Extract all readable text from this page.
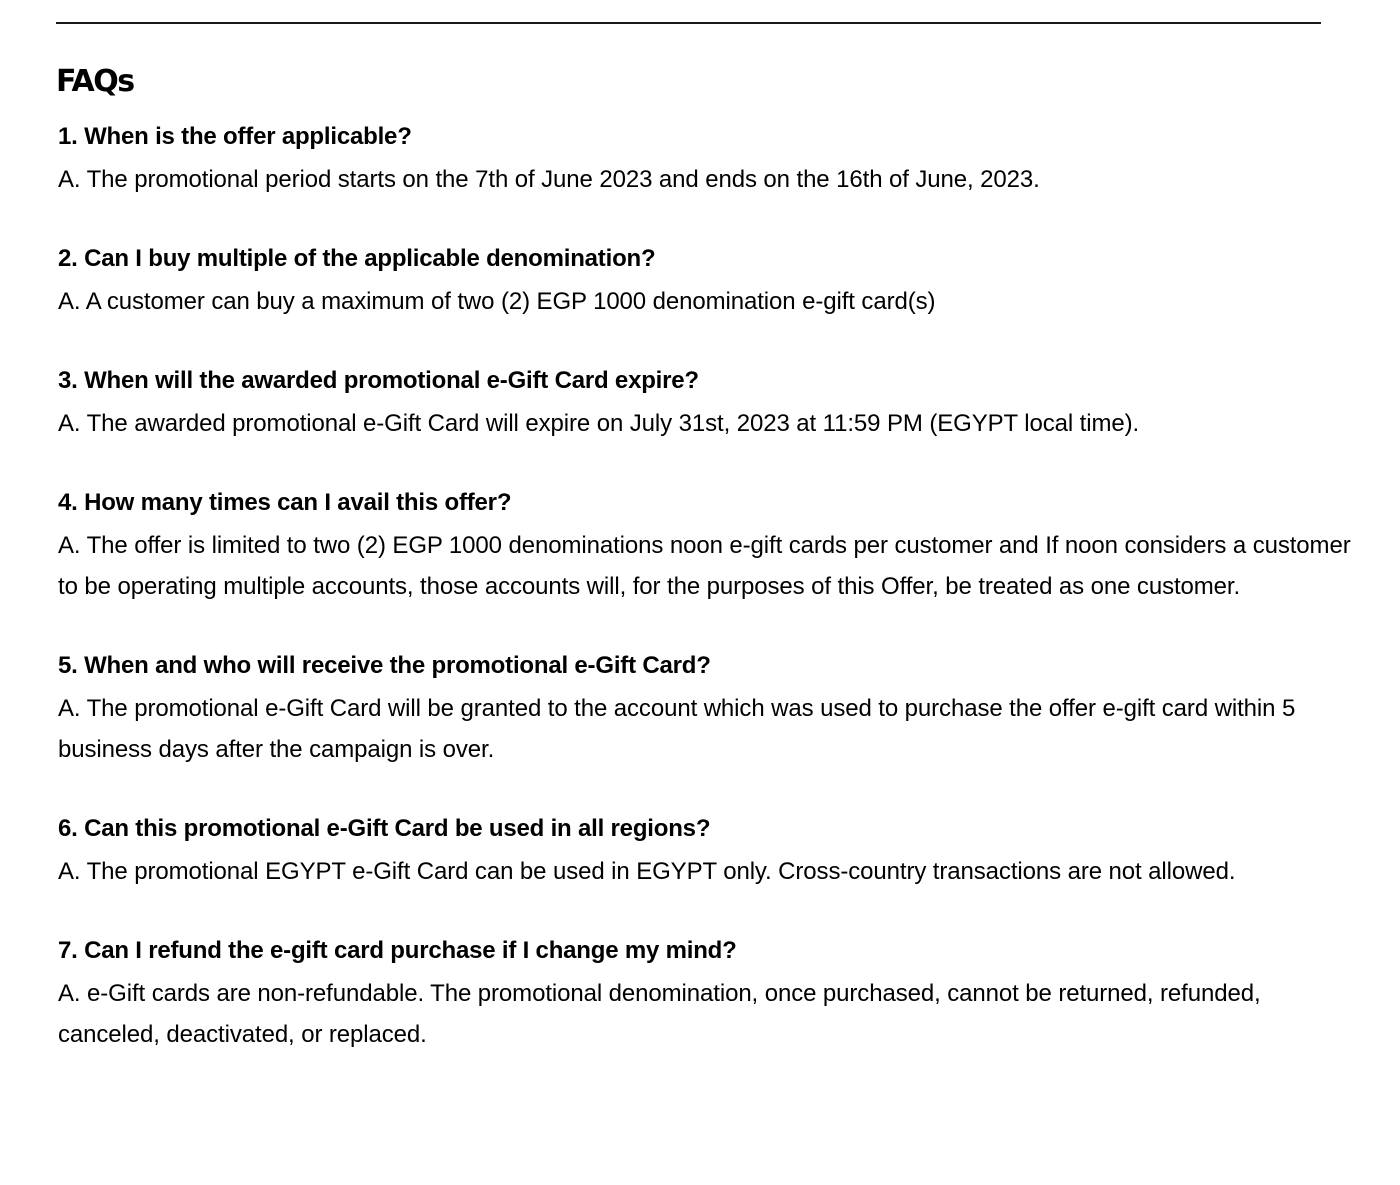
FAQs

1. When is the offer applicable?

A. The promotional period starts on the 7th of June 2023 and ends on the 16th of June, 2023.

2. Can I buy multiple of the applicable denomination?

A. A customer can buy a maximum of two (2) EGP 1000 denomination e-gift card(s)

3. When will the awarded promotional e-Gift Card expire?

A. The awarded promotional e-Gift Card will expire on July 31st, 2023 at 11:59 PM (EGYPT local time).

4. How many times can I avail this offer?

A. The offer is limited to two (2) EGP 1000 denominations noon e-gift cards per customer and If noon considers a customer to be operating multiple accounts, those accounts will, for the purposes of this Offer, be treated as one customer.

5. When and who will receive the promotional e-Gift Card?

A. The promotional e-Gift Card will be granted to the account which was used to purchase the offer e-gift card within 5 business days after the campaign is over.

6. Can this promotional e-Gift Card be used in all regions?

A. The promotional EGYPT e-Gift Card can be used in EGYPT only. Cross-country transactions are not allowed.

7. Can I refund the e-gift card purchase if I change my mind?

A. e-Gift cards are non-refundable. The promotional denomination, once purchased, cannot be returned, refunded, canceled, deactivated, or replaced.
